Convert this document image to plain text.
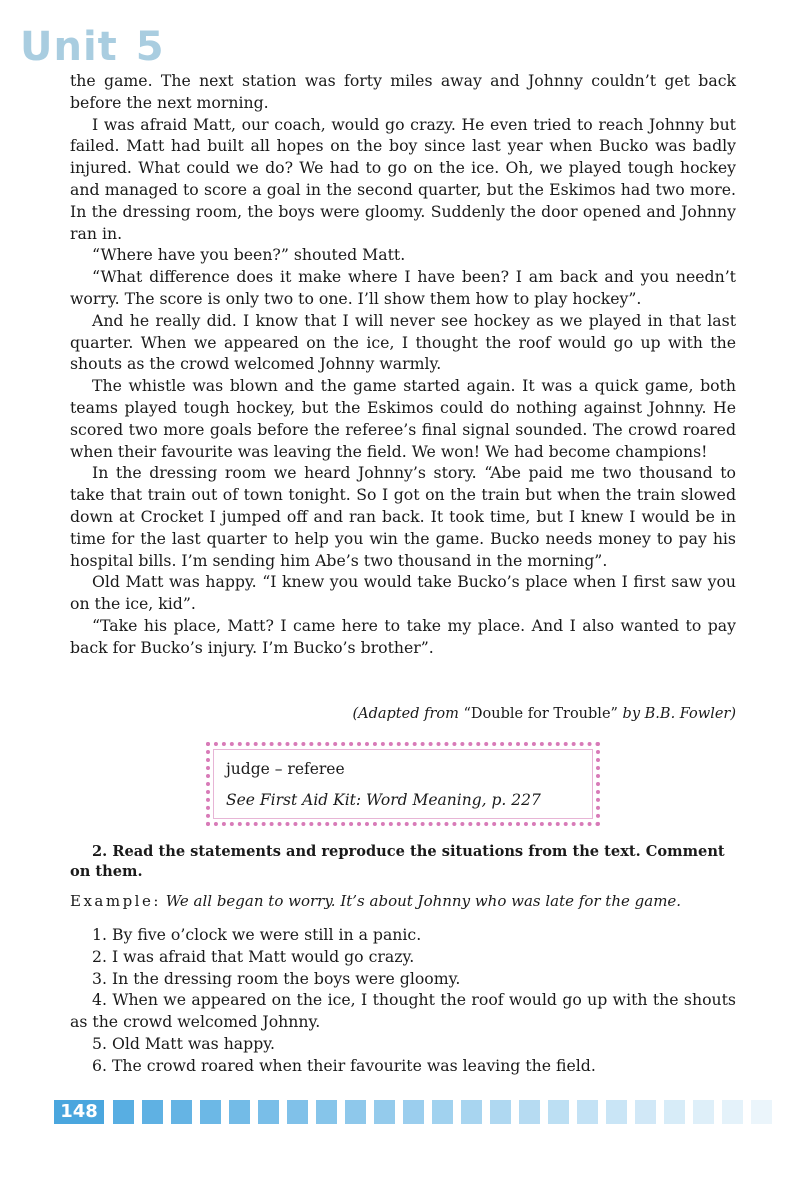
Unit 5

the game. The next station was forty miles away and Johnny couldn’t get back before the next morning.

I was afraid Matt, our coach, would go crazy. He even tried to reach Johnny but failed. Matt had built all hopes on the boy since last year when Bucko was badly injured. What could we do? We had to go on the ice. Oh, we played tough hockey and managed to score a goal in the second quarter, but the Eskimos had two more. In the dressing room, the boys were gloomy. Suddenly the door opened and Johnny ran in.

“Where have you been?” shouted Matt.

“What difference does it make where I have been? I am back and you needn’t worry. The score is only two to one. I’ll show them how to play hockey”.

And he really did. I know that I will never see hockey as we played in that last quarter. When we appeared on the ice, I thought the roof would go up with the shouts as the crowd welcomed Johnny warmly.

The whistle was blown and the game started again. It was a quick game, both teams played tough hockey, but the Eskimos could do nothing against Johnny. He scored two more goals before the referee’s final signal sounded. The crowd roared when their favourite was leaving the field. We won! We had become champions!

In the dressing room we heard Johnny’s story. “Abe paid me two thousand to take that train out of town tonight. So I got on the train but when the train slowed down at Crocket I jumped off and ran back. It took time, but I knew I would be in time for the last quarter to help you win the game. Bucko needs money to pay his hospital bills. I’m sending him Abe’s two thousand in the morning”.

Old Matt was happy. “I knew you would take Bucko’s place when I first saw you on the ice, kid”.

“Take his place, Matt? I came here to take my place. And I also wanted to pay back for Bucko’s injury. I’m Bucko’s brother”.

(Adapted from “Double for Trouble” by B.B. Fowler)
judge – referee
See First Aid Kit: Word Meaning, p. 227
2. Read the statements and reproduce the situations from the text. Comment on them.
Example: We all began to worry. It’s about Johnny who was late for the game.

1. By five o’clock we were still in a panic.

2. I was afraid that Matt would go crazy.

3. In the dressing room the boys were gloomy.

4. When we appeared on the ice, I thought the roof would go up with the shouts as the crowd welcomed Johnny.

5. Old Matt was happy.

6. The crowd roared when their favourite was leaving the field.

148
